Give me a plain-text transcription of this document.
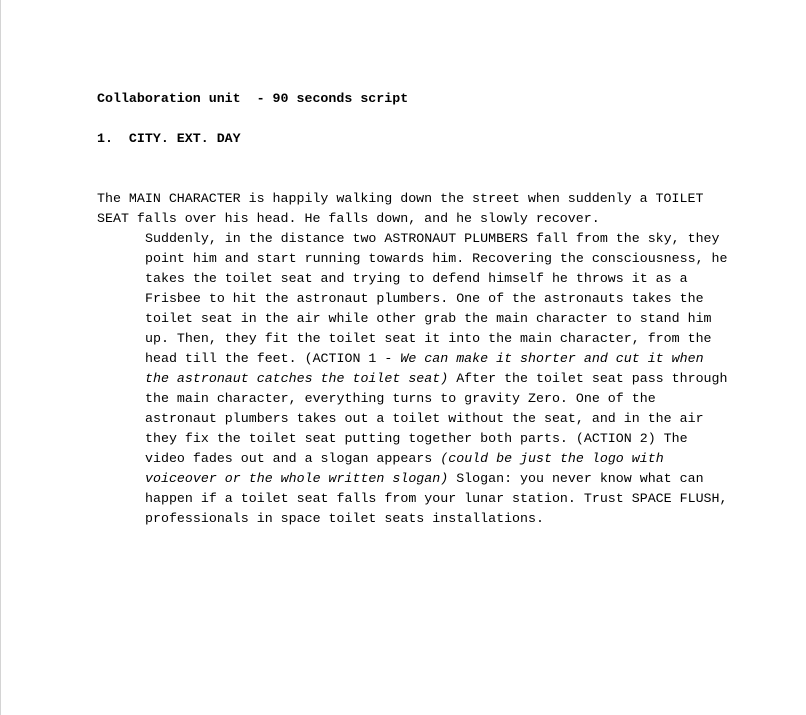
Collaboration unit  - 90 seconds script

1.  CITY. EXT. DAY

The MAIN CHARACTER is happily walking down the street when suddenly a TOILET SEAT falls over his head. He falls down, and he slowly recover.

Suddenly, in the distance two ASTRONAUT PLUMBERS fall from the sky, they point him and start running towards him. Recovering the consciousness, he takes the toilet seat and trying to defend himself he throws it as a Frisbee to hit the astronaut plumbers. One of the astronauts takes the toilet seat in the air while other grab the main character to stand him up. Then, they fit the toilet seat it into the main character, from the head till the feet. (ACTION 1 - We can make it shorter and cut it when the astronaut catches the toilet seat) After the toilet seat pass through the main character, everything turns to gravity Zero. One of the astronaut plumbers takes out a toilet without the seat, and in the air they fix the toilet seat putting together both parts. (ACTION 2) The video fades out and a slogan appears (could be just the logo with voiceover or the whole written slogan) Slogan: you never know what can happen if a toilet seat falls from your lunar station. Trust SPACE FLUSH, professionals in space toilet seats installations.
